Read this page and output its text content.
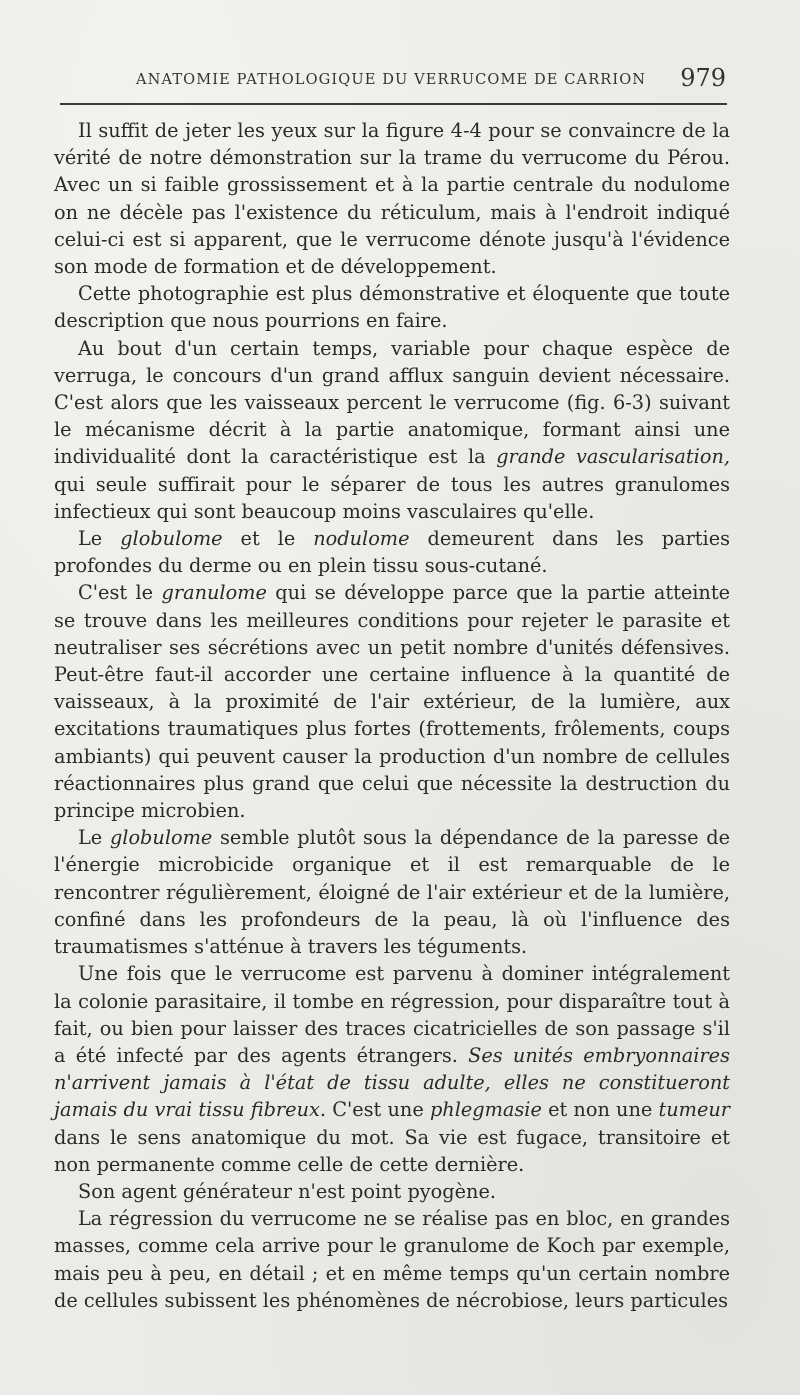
ANATOMIE PATHOLOGIQUE DU VERRUCOME DE CARRION 979

Il suffit de jeter les yeux sur la figure 4-4 pour se convaincre de la vérité de notre démonstration sur la trame du verrucome du Pérou. Avec un si faible grossissement et à la partie centrale du nodulome on ne décèle pas l'existence du réticulum, mais à l'endroit indiqué celui-ci est si apparent, que le verrucome dénote jusqu'à l'évidence son mode de formation et de développement.

Cette photographie est plus démonstrative et éloquente que toute description que nous pourrions en faire.

Au bout d'un certain temps, variable pour chaque espèce de verruga, le concours d'un grand afflux sanguin devient nécessaire. C'est alors que les vaisseaux percent le verrucome (fig. 6-3) suivant le mécanisme décrit à la partie anatomique, formant ainsi une individualité dont la caractéristique est la grande vascularisation, qui seule suffirait pour le séparer de tous les autres granulomes infectieux qui sont beaucoup moins vasculaires qu'elle.

Le globulome et le nodulome demeurent dans les parties profondes du derme ou en plein tissu sous-cutané.

C'est le granulome qui se développe parce que la partie atteinte se trouve dans les meilleures conditions pour rejeter le parasite et neutraliser ses sécrétions avec un petit nombre d'unités défensives. Peut-être faut-il accorder une certaine influence à la quantité de vaisseaux, à la proximité de l'air extérieur, de la lumière, aux excitations traumatiques plus fortes (frottements, frôlements, coups ambiants) qui peuvent causer la production d'un nombre de cellules réactionnaires plus grand que celui que nécessite la destruction du principe microbien.

Le globulome semble plutôt sous la dépendance de la paresse de l'énergie microbicide organique et il est remarquable de le rencontrer régulièrement, éloigné de l'air extérieur et de la lumière, confiné dans les profondeurs de la peau, là où l'influence des traumatismes s'atténue à travers les téguments.

Une fois que le verrucome est parvenu à dominer intégralement la colonie parasitaire, il tombe en régression, pour disparaître tout à fait, ou bien pour laisser des traces cicatricielles de son passage s'il a été infecté par des agents étrangers. Ses unités embryonnaires n'arrivent jamais à l'état de tissu adulte, elles ne constitueront jamais du vrai tissu fibreux. C'est une phlegmasie et non une tumeur dans le sens anatomique du mot. Sa vie est fugace, transitoire et non permanente comme celle de cette dernière.

Son agent générateur n'est point pyogène.

La régression du verrucome ne se réalise pas en bloc, en grandes masses, comme cela arrive pour le granulome de Koch par exemple, mais peu à peu, en détail ; et en même temps qu'un certain nombre de cellules subissent les phénomènes de nécrobiose, leurs particules
